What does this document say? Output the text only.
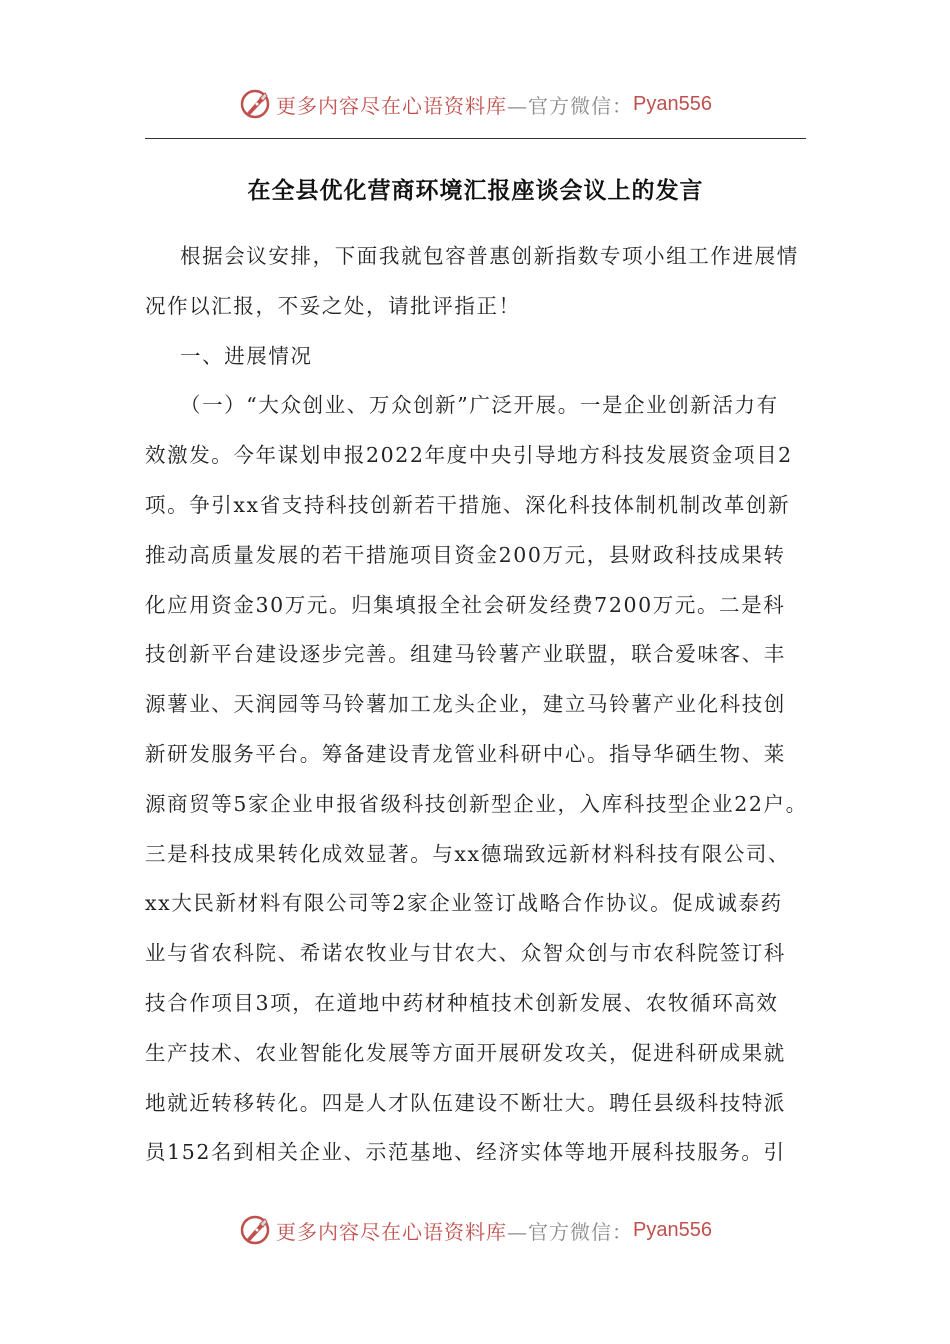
更多内容尽在心语资料库 —官方微信： Pyan556
在全县优化营商环境汇报座谈会议上的发言
根据会议安排，下面我就包容普惠创新指数专项小组工作进展情
况作以汇报，不妥之处，请批评指正！
一、进展情况
（一）“大众创业、万众创新”广泛开展。一是企业创新活力有
效激发。今年谋划申报2022年度中央引导地方科技发展资金项目2
项。争引xx省支持科技创新若干措施、深化科技体制机制改革创新
推动高质量发展的若干措施项目资金200万元，县财政科技成果转
化应用资金30万元。归集填报全社会研发经费7200万元。二是科
技创新平台建设逐步完善。组建马铃薯产业联盟，联合爱味客、丰
源薯业、天润园等马铃薯加工龙头企业，建立马铃薯产业化科技创
新研发服务平台。筹备建设青龙管业科研中心。指导华硒生物、莱
源商贸等5家企业申报省级科技创新型企业，入库科技型企业22户。
三是科技成果转化成效显著。与xx德瑞致远新材料科技有限公司、
xx大民新材料有限公司等2家企业签订战略合作协议。促成诚泰药
业与省农科院、希诺农牧业与甘农大、众智众创与市农科院签订科
技合作项目3项，在道地中药材种植技术创新发展、农牧循环高效
生产技术、农业智能化发展等方面开展研发攻关，促进科研成果就
地就近转移转化。四是人才队伍建设不断壮大。聘任县级科技特派
员152名到相关企业、示范基地、经济实体等地开展科技服务。引
更多内容尽在心语资料库 —官方微信： Pyan556
